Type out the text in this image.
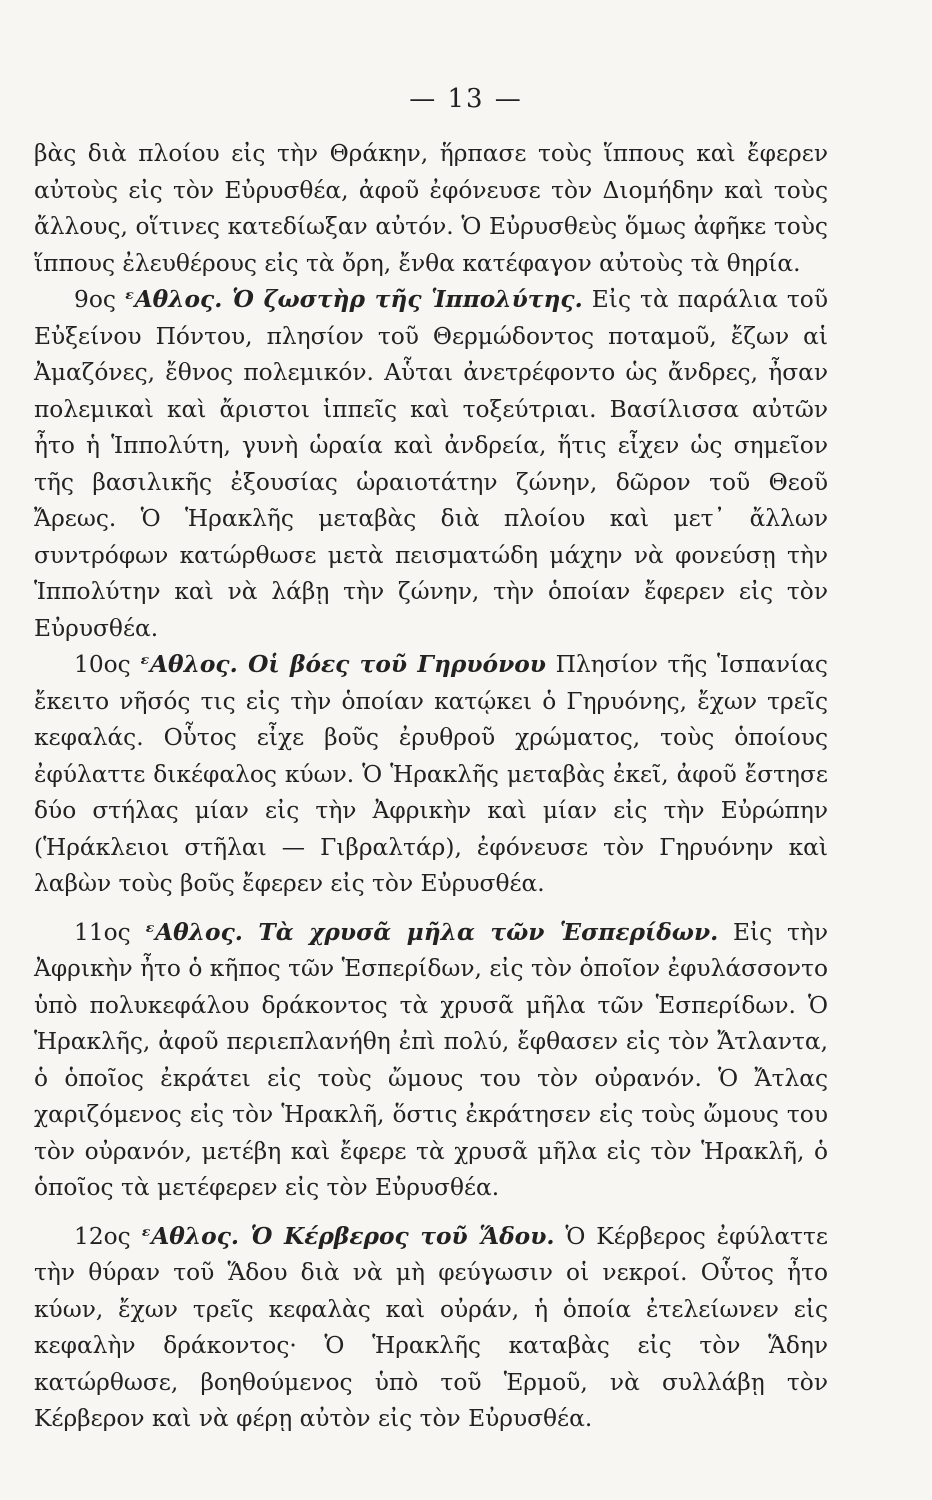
— 13 —

βὰς διὰ πλοίου εἰς τὴν Θράκην, ἥρπασε τοὺς ἵππους καὶ ἔφερεν αὐτοὺς εἰς τὸν Εὐρυσθέα, ἀφοῦ ἐφόνευσε τὸν Διομήδην καὶ τοὺς ἄλλους, οἵτινες κατεδίωξαν αὐτόν. Ὁ Εὐρυσθεὺς ὅμως ἀφῆκε τοὺς ἵππους ἐλευθέρους εἰς τὰ ὄρη, ἔνθα κατέφαγον αὐτοὺς τὰ θηρία.

9ος ᵋΑθλος. Ὁ ζωστὴρ τῆς Ἱππολύτης. Εἰς τὰ παράλια τοῦ Εὐξείνου Πόντου, πλησίον τοῦ Θερμώδοντος ποταμοῦ, ἔζων αἱ Ἀμαζόνες, ἔθνος πολεμικόν. Αὗται ἀνετρέφοντο ὡς ἄνδρες, ἦσαν πολεμικαὶ καὶ ἄριστοι ἱππεῖς καὶ τοξεύτριαι. Βασίλισσα αὐτῶν ἦτο ἡ Ἱππολύτη, γυνὴ ὡραία καὶ ἀνδρεία, ἥτις εἶχεν ὡς σημεῖον τῆς βασιλικῆς ἐξουσίας ὡραιοτάτην ζώνην, δῶρον τοῦ Θεοῦ Ἄρεως. Ὁ Ἡρακλῆς μεταβὰς διὰ πλοίου καὶ μετ᾽ ἄλλων συντρόφων κατώρθωσε μετὰ πεισματώδη μάχην νὰ φονεύσῃ τὴν Ἱππολύτην καὶ νὰ λάβῃ τὴν ζώνην, τὴν ὁποίαν ἔφερεν εἰς τὸν Εὐρυσθέα.

10ος ᵋΑθλος. Οἱ βόες τοῦ Γηρυόνου Πλησίον τῆς Ἱσπανίας ἔκειτο νῆσός τις εἰς τὴν ὁποίαν κατῴκει ὁ Γηρυόνης, ἔχων τρεῖς κεφαλάς. Οὗτος εἶχε βοῦς ἐρυθροῦ χρώματος, τοὺς ὁποίους ἐφύλαττε δικέφαλος κύων. Ὁ Ἡρακλῆς μεταβὰς ἐκεῖ, ἀφοῦ ἔστησε δύο στήλας μίαν εἰς τὴν Ἀφρικὴν καὶ μίαν εἰς τὴν Εὐρώπην (Ἡράκλειοι στῆλαι — Γιβραλτάρ), ἐφόνευσε τὸν Γηρυόνην καὶ λαβὼν τοὺς βοῦς ἔφερεν εἰς τὸν Εὐρυσθέα.

11ος ᵋΑθλος. Τὰ χρυσᾶ μῆλα τῶν Ἑσπερίδων. Εἰς τὴν Ἀφρικὴν ἦτο ὁ κῆπος τῶν Ἑσπερίδων, εἰς τὸν ὁποῖον ἐφυλάσσοντο ὑπὸ πολυκεφάλου δράκοντος τὰ χρυσᾶ μῆλα τῶν Ἑσπερίδων. Ὁ Ἡρακλῆς, ἀφοῦ περιεπλανήθη ἐπὶ πολύ, ἔφθασεν εἰς τὸν Ἄτλαντα, ὁ ὁποῖος ἐκράτει εἰς τοὺς ὤμους του τὸν οὐρανόν. Ὁ Ἄτλας χαριζόμενος εἰς τὸν Ἡρακλῆ, ὅστις ἐκράτησεν εἰς τοὺς ὤμους του τὸν οὐρανόν, μετέβη καὶ ἔφερε τὰ χρυσᾶ μῆλα εἰς τὸν Ἡρακλῆ, ὁ ὁποῖος τὰ μετέφερεν εἰς τὸν Εὐρυσθέα.

12ος ᵋΑθλος. Ὁ Κέρβερος τοῦ Ἅδου. Ὁ Κέρβερος ἐφύλαττε τὴν θύραν τοῦ Ἅδου διὰ νὰ μὴ φεύγωσιν οἱ νεκροί. Οὗτος ἦτο κύων, ἔχων τρεῖς κεφαλὰς καὶ οὐράν, ἡ ὁποία ἐτελείωνεν εἰς κεφαλὴν δράκοντος· Ὁ Ἡρακλῆς καταβὰς εἰς τὸν Ἅδην κατώρθωσε, βοηθούμενος ὑπὸ τοῦ Ἑρμοῦ, νὰ συλλάβῃ τὸν Κέρβερον καὶ νὰ φέρῃ αὐτὸν εἰς τὸν Εὐρυσθέα.
